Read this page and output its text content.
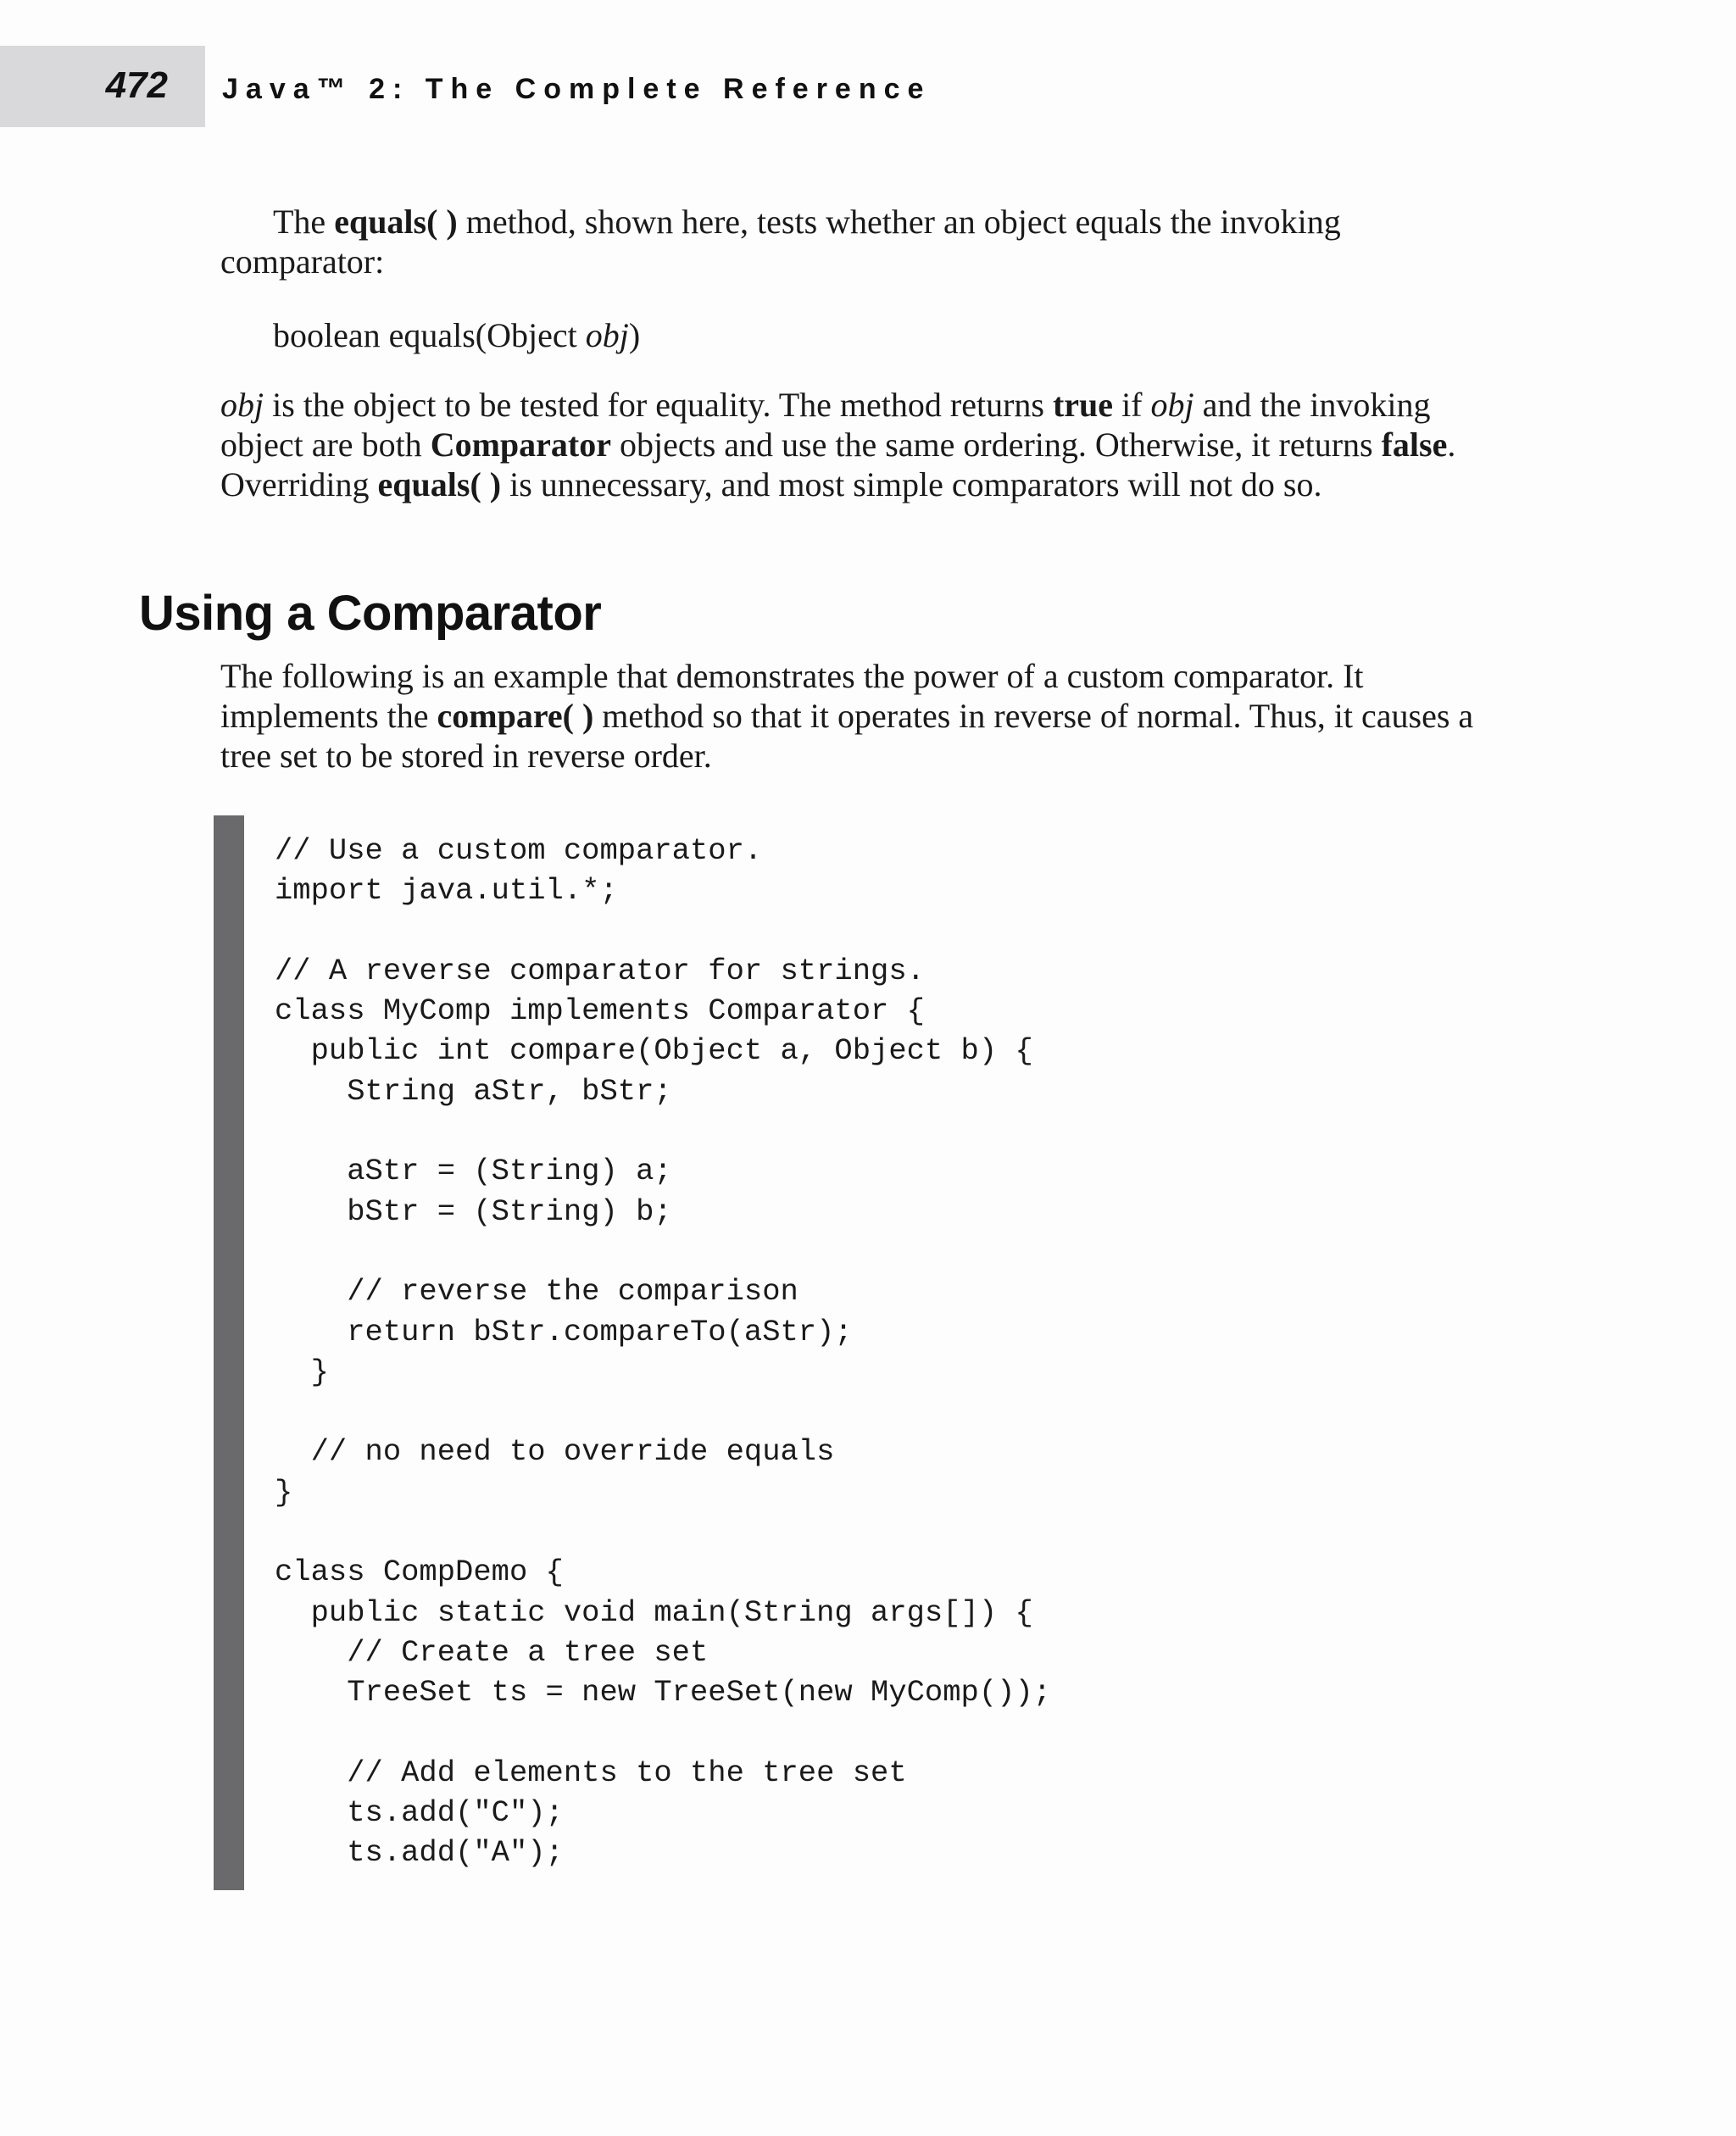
472 Java™ 2: The Complete Reference

The equals( ) method, shown here, tests whether an object equals the invoking comparator:

boolean equals(Object obj)

obj is the object to be tested for equality. The method returns true if obj and the invoking object are both Comparator objects and use the same ordering. Otherwise, it returns false. Overriding equals( ) is unnecessary, and most simple comparators will not do so.

Using a Comparator

The following is an example that demonstrates the power of a custom comparator. It implements the compare( ) method so that it operates in reverse of normal. Thus, it causes a tree set to be stored in reverse order.

// Use a custom comparator.
import java.util.*;

// A reverse comparator for strings.
class MyComp implements Comparator {
public int compare(Object a, Object b) {
String aStr, bStr;

aStr = (String) a;
bStr = (String) b;

// reverse the comparison
return bStr.compareTo(aStr);
}

// no need to override equals
}

class CompDemo {
public static void main(String args[]) {
// Create a tree set
TreeSet ts = new TreeSet(new MyComp());

// Add elements to the tree set
ts.add("C");
ts.add("A");
